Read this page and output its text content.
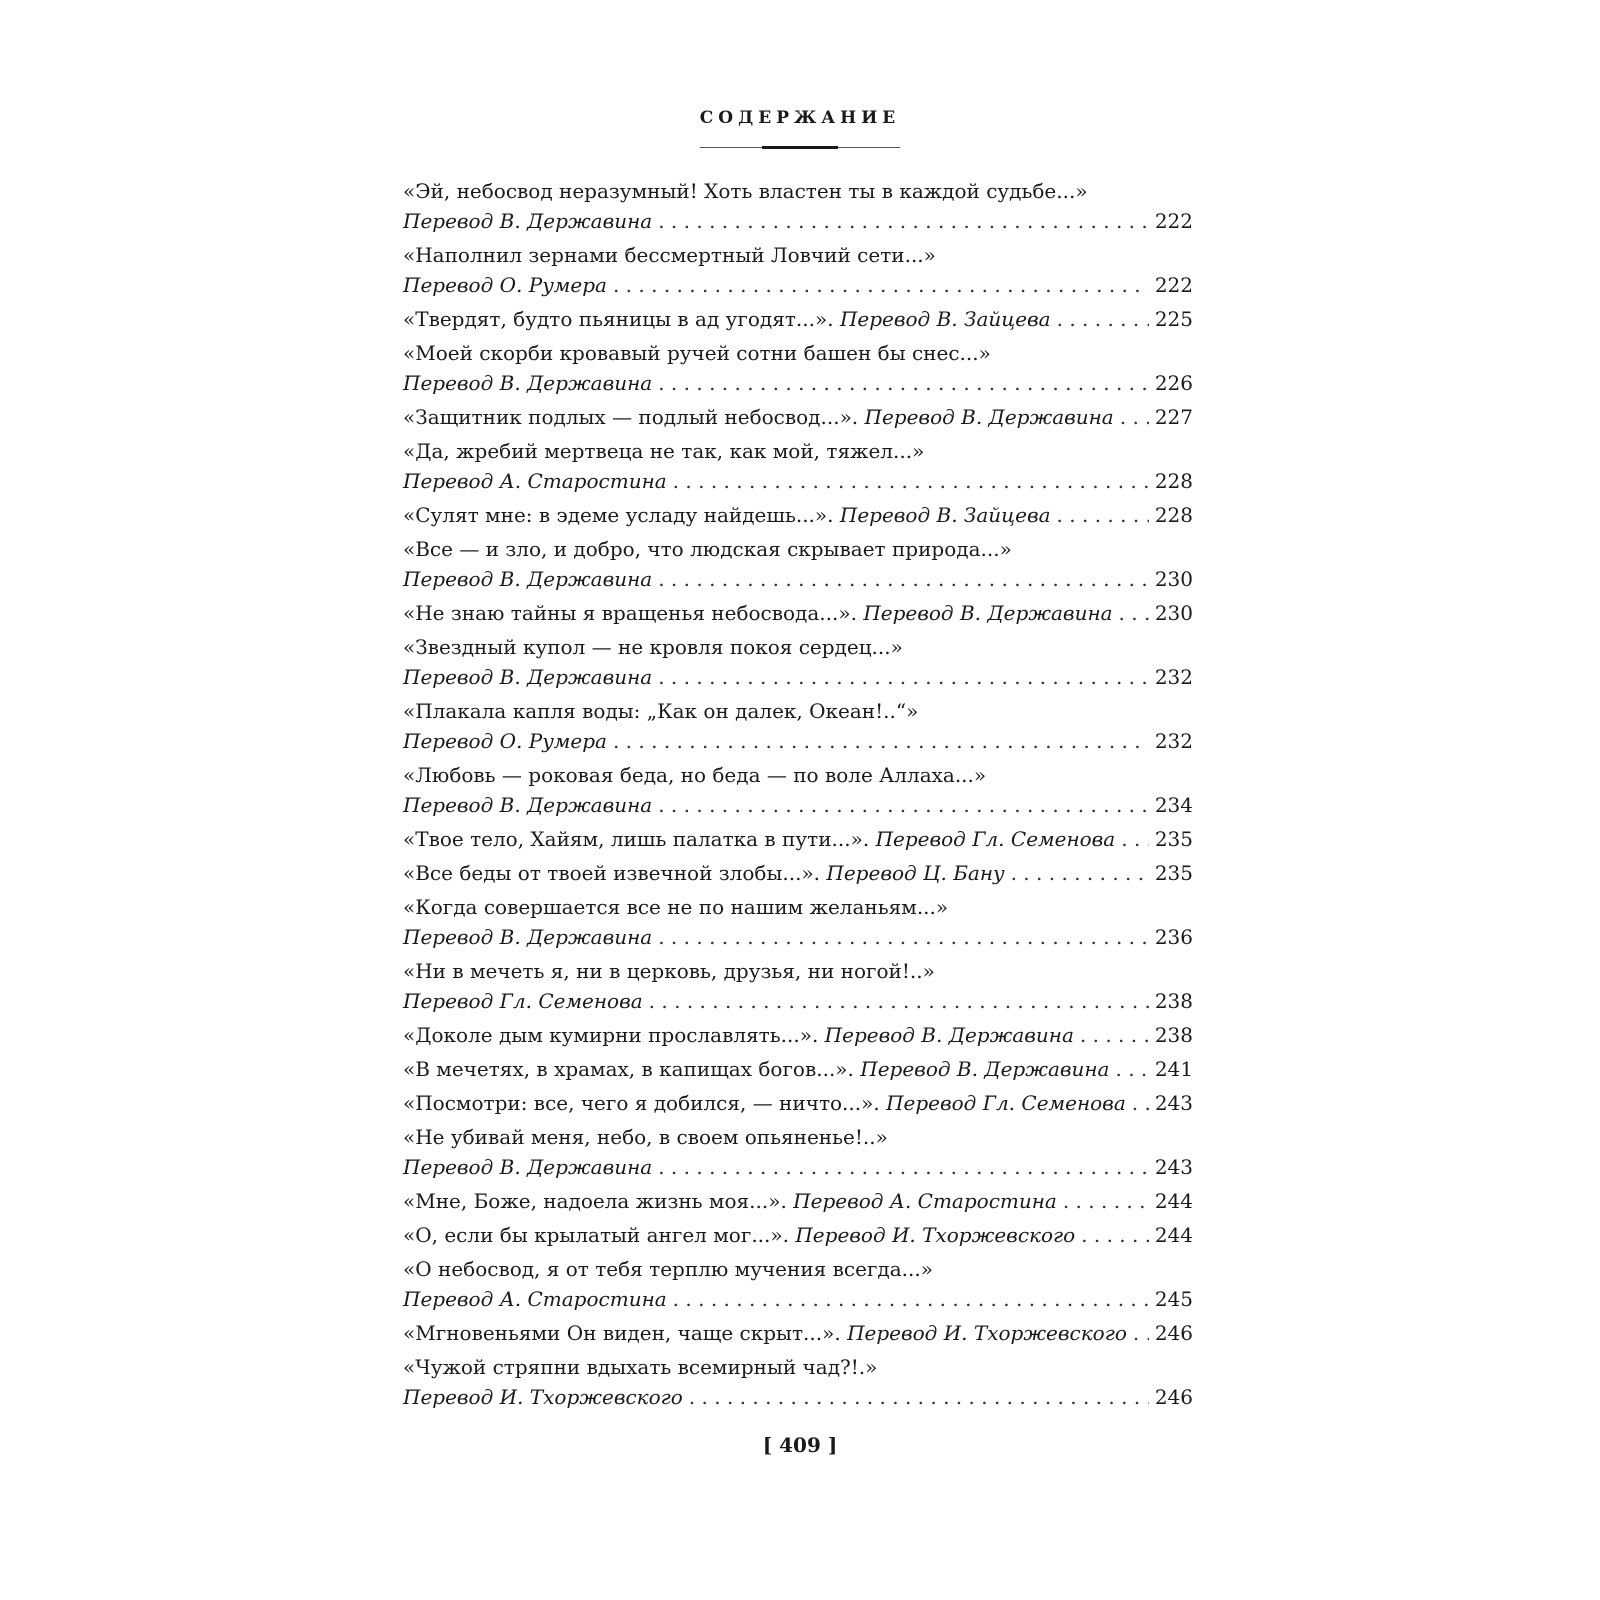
СОДЕРЖАНИЕ
«Эй, небосвод неразумный! Хоть властен ты в каждой судьбе...»
Перевод В. Державина . . .	222
«Наполнил зернами бессмертный Ловчий сети...»
Перевод О. Румера . . .	222
«Твердят, будто пьяницы в ад угодят...».
Перевод В. Зайцева . . .	225
«Моей скорби кровавый ручей сотни башен бы снес...»
Перевод В. Державина . . .	226
«Защитник подлых — подлый небосвод...».
Перевод В. Державина . . . 227
«Да, жребий мертвеца не так, как мой, тяжел...»
Перевод А. Старостина . . .	228
«Сулят мне: в эдеме усладу найдешь...».
Перевод В. Зайцева . . .	228
«Все — и зло, и добро, что людская скрывает природа...»
Перевод В. Державина . . .	230
«Не знаю тайны я вращенья небосвода...».
Перевод В. Державина . . . 230
«Звездный купол — не кровля покоя сердец...»
Перевод В. Державина . . .	232
«Плакала капля воды: „Как он далек, Океан!..“»
Перевод О. Румера . . .	232
«Любовь — роковая беда, но беда — по воле Аллаха...»
Перевод В. Державина . . .	234
«Твое тело, Хайям, лишь палатка в пути...».
Перевод Гл. Семенова . . . 235
«Все беды от твоей извечной злобы...».
Перевод Ц. Бану . . .	235
«Когда совершается все не по нашим желаньям...»
Перевод В. Державина . . .	236
«Ни в мечеть я, ни в церковь, друзья, ни ногой!..»
Перевод Гл. Семенова . . .	238
«Доколе дым кумирни прославлять...».
Перевод В. Державина . . .	238
«В мечетях, в храмах, в капищах богов...».
Перевод В. Державина . . . 241
«Посмотри: все, чего я добился, — ничто...».
Перевод Гл. Семенова . . . 243
«Не убивай меня, небо, в своем опьяненье!..»
Перевод В. Державина . . .	243
«Мне, Боже, надоела жизнь моя...».
Перевод А. Старостина . . .	244
«О, если бы крылатый ангел мог...».
Перевод И. Тхоржевского . . .	244
«О небосвод, я от тебя терплю мучения всегда...»
Перевод А. Старостина . . .	245
«Мгновеньями Он виден, чаще скрыт...».
Перевод И. Тхоржевского . . . 246
«Чужой стряпни вдыхать всемирный чад?!.»
Перевод И. Тхоржевского . . .	246
[ 409 ]
